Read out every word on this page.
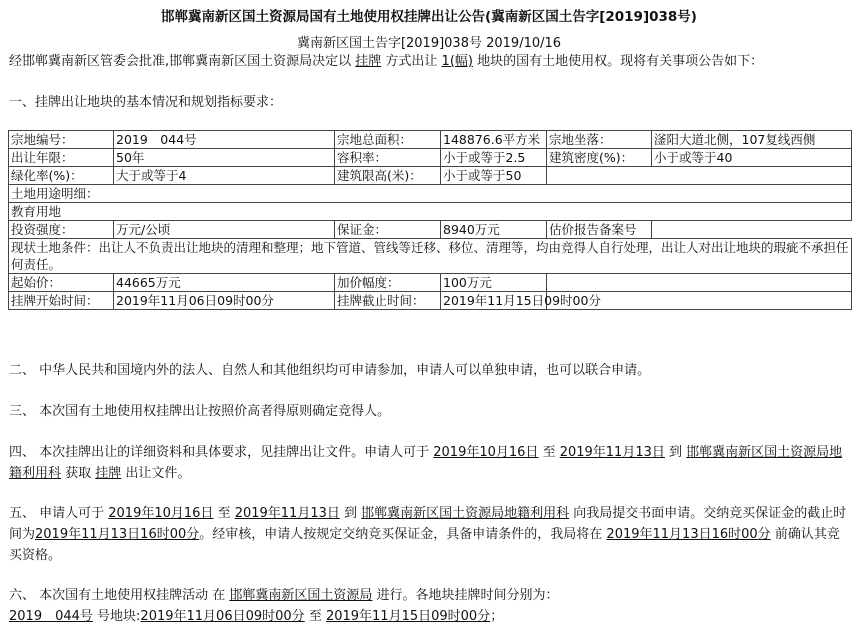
邯郸冀南新区国土资源局国有土地使用权挂牌出让公告(冀南新区国土告字[2019]038号)
冀南新区国土告字[2019]038号 2019/10/16
经邯郸冀南新区管委会批准,邯郸冀南新区国土资源局决定以 挂牌 方式出让 1(幅) 地块的国有土地使用权。现将有关事项公告如下：
一、挂牌出让地块的基本情况和规划指标要求：
宗地编号：	2019　044号	宗地总面积：	148876.6平方米	宗地坐落：	滏阳大道北侧，107复线西侧
出让年限：	50年	容积率：	小于或等于2.5	建筑密度(%)：	小于或等于40
绿化率(%)：	大于或等于4	建筑限高(米)：	小于或等于50		
土地用途明细：					
教育用地					
投资强度：	万元/公顷	保证金：	8940万元	估价报告备案号	
现状土地条件：出让人不负责出让地块的清理和整理；地下管道、管线等迁移、移位、清理等，均由竞得人自行处理，出让人对出让地块的瑕疵不承担任何责任。					
起始价：	44665万元	加价幅度：	100万元		
挂牌开始时间：	2019年11月06日09时00分	挂牌截止时间：	2019年11月15日09时00分		
二、 中华人民共和国境内外的法人、自然人和其他组织均可申请参加，申请人可以单独申请，也可以联合申请。
三、 本次国有土地使用权挂牌出让按照价高者得原则确定竞得人。
四、 本次挂牌出让的详细资料和具体要求，见挂牌出让文件。申请人可于 2019年10月16日 至 2019年11月13日 到 邯郸冀南新区国土资源局地籍利用科 获取 挂牌 出让文件。
五、 申请人可于 2019年10月16日 至 2019年11月13日 到 邯郸冀南新区国土资源局地籍利用科 向我局提交书面申请。交纳竞买保证金的截止时间为2019年11月13日16时00分。经审核，申请人按规定交纳竞买保证金，具备申请条件的，我局将在 2019年11月13日16时00分 前确认其竞买资格。
六、 本次国有土地使用权挂牌活动 在 邯郸冀南新区国土资源局 进行。各地块挂牌时间分别为：
2019　044号 号地块:2019年11月06日09时00分 至 2019年11月15日09时00分；
